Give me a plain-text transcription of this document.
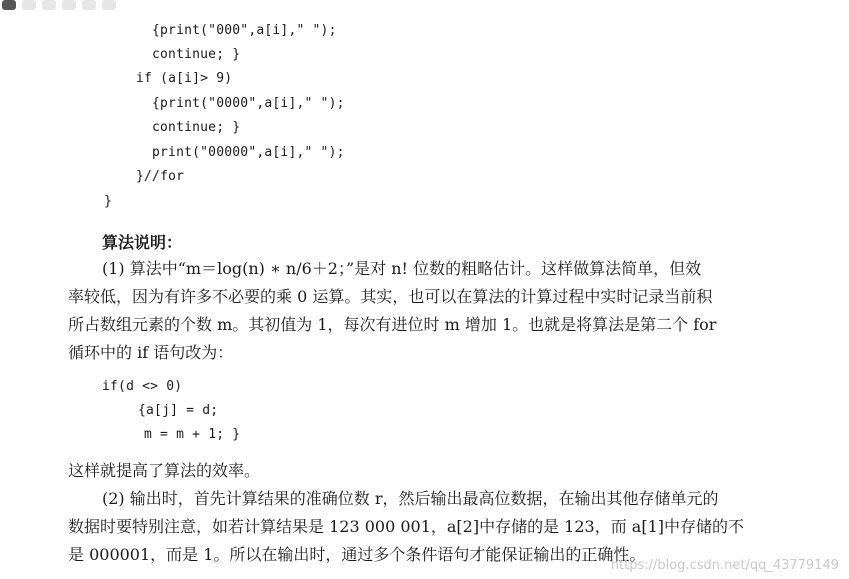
{print("000",a[i]," ");
continue; }
if (a[i]> 9)
{print("0000",a[i]," ");
continue; }
print("00000",a[i]," ");
}//for
}
算法说明：
(1) 算法中“m＝log(n) ∗ n/6＋2；”是对 n! 位数的粗略估计。这样做算法简单，但效
率较低，因为有许多不必要的乘 0 运算。其实，也可以在算法的计算过程中实时记录当前积
所占数组元素的个数 m。其初值为 1，每次有进位时 m 增加 1。也就是将算法是第二个 for
循环中的 if 语句改为：
if(d <> 0)
{a[j] = d;
m = m + 1; }
这样就提高了算法的效率。
(2) 输出时，首先计算结果的准确位数 r，然后输出最高位数据，在输出其他存储单元的
数据时要特别注意，如若计算结果是 123 000 001，a[2]中存储的是 123，而 a[1]中存储的不
是 000001，而是 1。所以在输出时，通过多个条件语句才能保证输出的正确性。
https://blog.csdn.net/qq_43779149
